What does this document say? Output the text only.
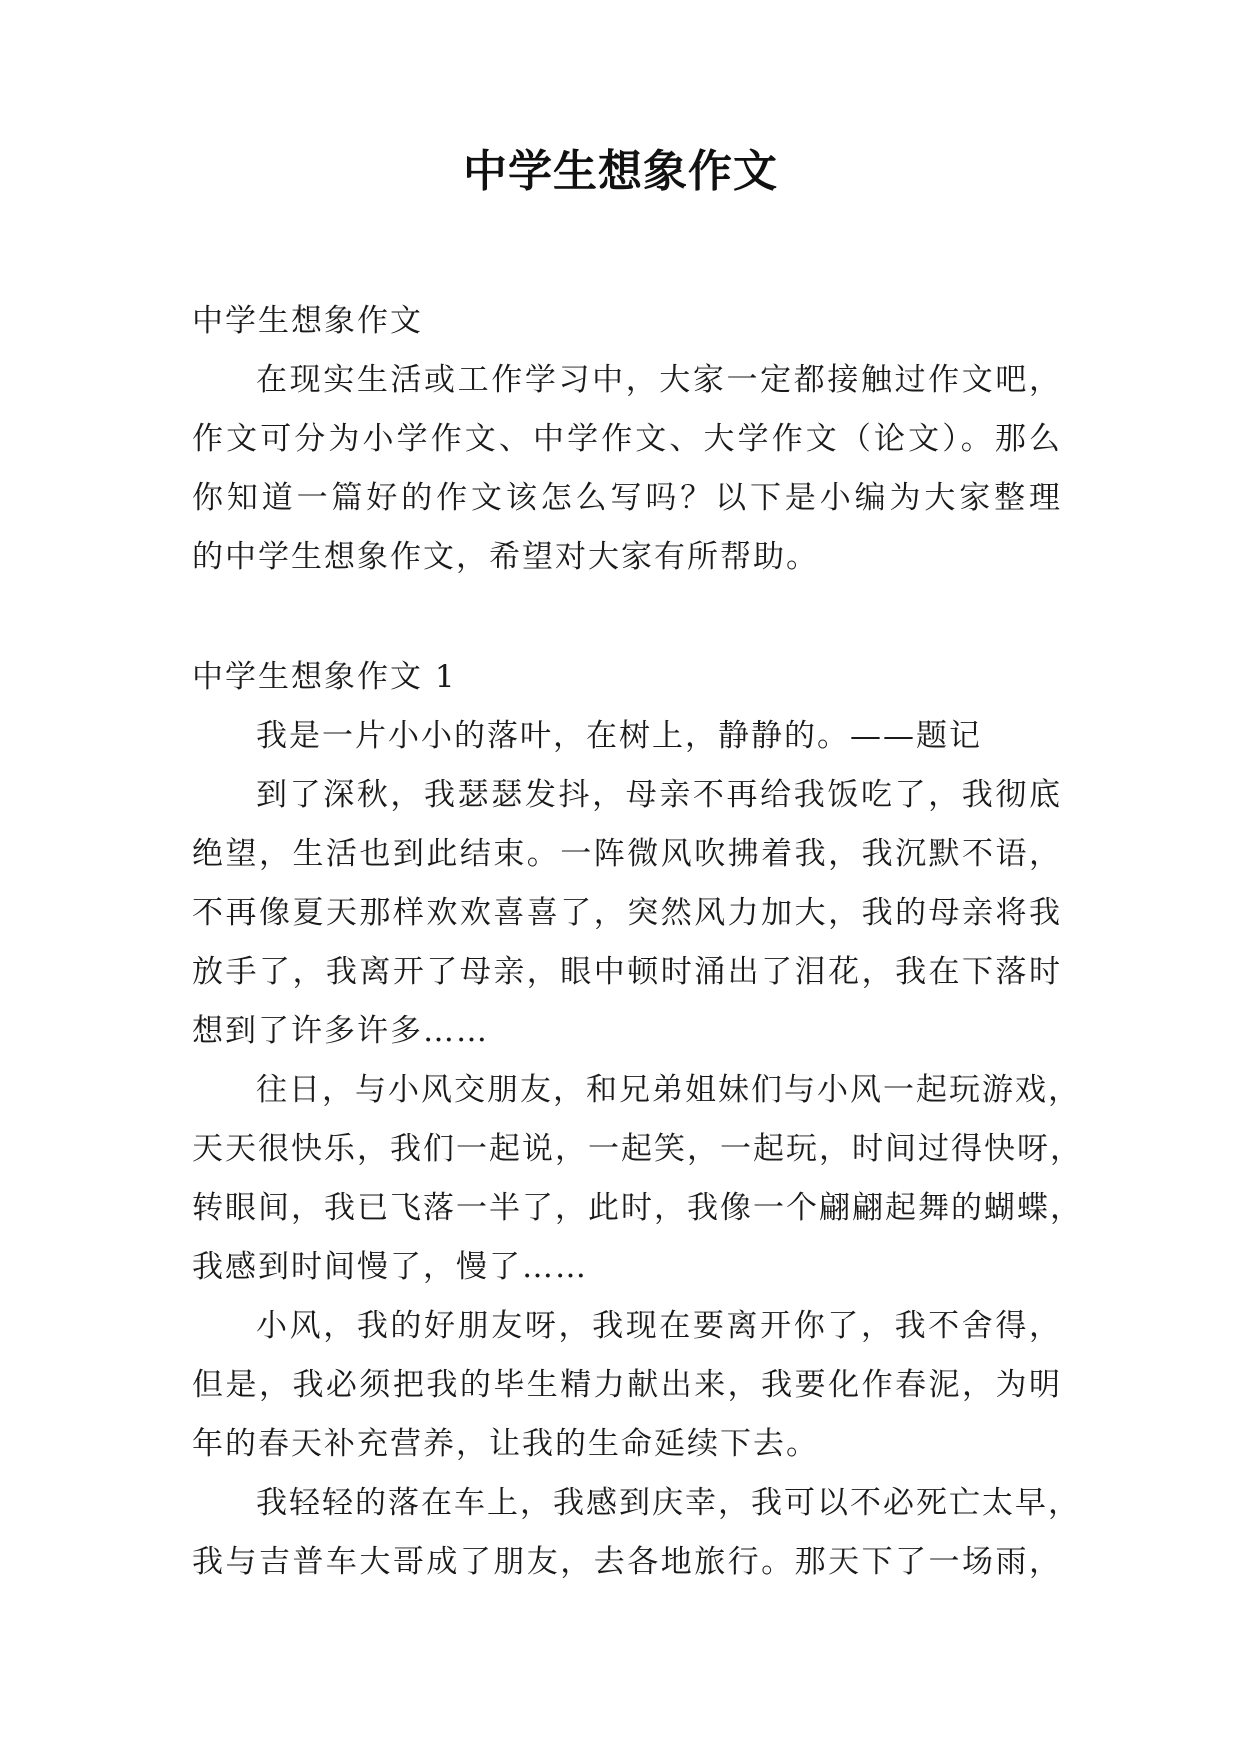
中学生想象作文
中学生想象作文
在现实生活或工作学习中，大家一定都接触过作文吧，
作文可分为小学作文、中学作文、大学作文（论文）。那么
你知道一篇好的作文该怎么写吗？以下是小编为大家整理
的中学生想象作文，希望对大家有所帮助。
中学生想象作文 1
我是一片小小的落叶，在树上，静静的。——题记
到了深秋，我瑟瑟发抖，母亲不再给我饭吃了，我彻底
绝望，生活也到此结束。一阵微风吹拂着我，我沉默不语，
不再像夏天那样欢欢喜喜了，突然风力加大，我的母亲将我
放手了，我离开了母亲，眼中顿时涌出了泪花，我在下落时
想到了许多许多……
往日，与小风交朋友，和兄弟姐妹们与小风一起玩游戏，
天天很快乐，我们一起说，一起笑，一起玩，时间过得快呀，
转眼间，我已飞落一半了，此时，我像一个翩翩起舞的蝴蝶，
我感到时间慢了，慢了……
小风，我的好朋友呀，我现在要离开你了，我不舍得，
但是，我必须把我的毕生精力献出来，我要化作春泥，为明
年的春天补充营养，让我的生命延续下去。
我轻轻的落在车上，我感到庆幸，我可以不必死亡太早，
我与吉普车大哥成了朋友，去各地旅行。那天下了一场雨，
